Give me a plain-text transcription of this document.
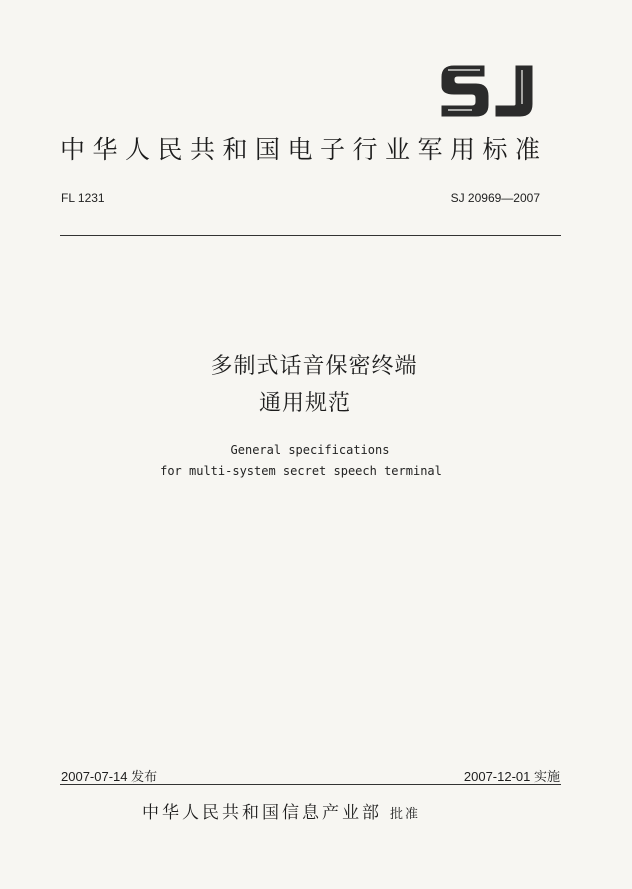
中华人民共和国电子行业军用标准
FL 1231	SJ 20969—2007
多制式话音保密终端
通用规范
General specifications
for multi-system secret speech terminal
2007-07-14 发布	2007-12-01 实施
中华人民共和国信息产业部 批准
